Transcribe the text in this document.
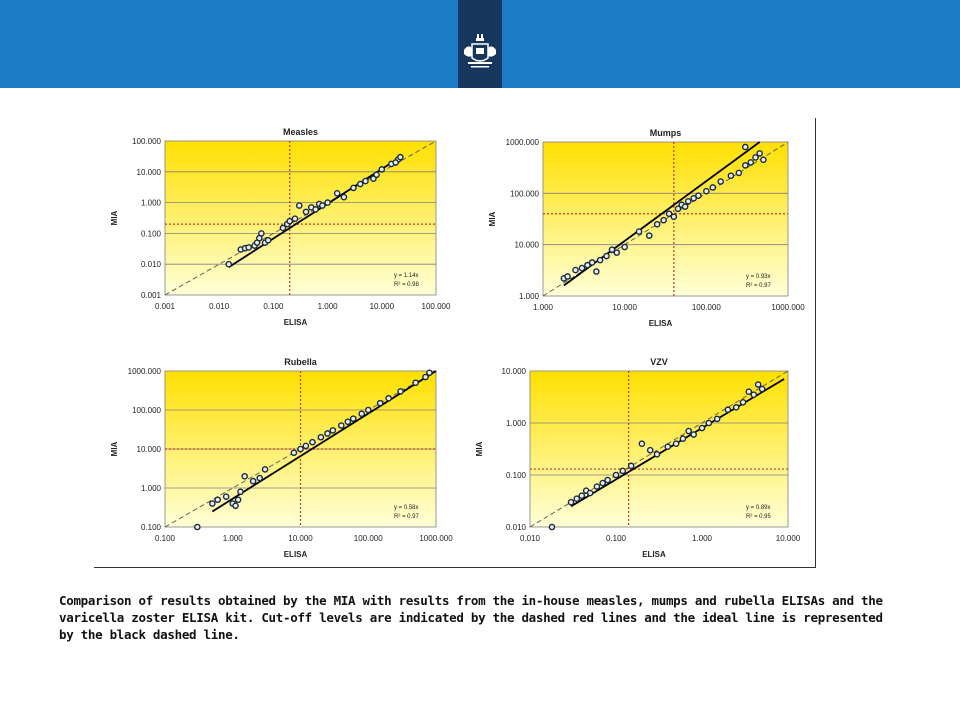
0.001
0.010
0.100
1.000
10.000
100.000
0.001	0.010	0.100	1.000	10.000	100.000
Measles
ELISA
MIA
y = 1.14x
R² = 0.98
1.000
10.000
100.000
1000.000
1.000	10.000	100.000	1000.000
Mumps
ELISA
MIA
y = 0.93x
R² = 0.97
0.100
1.000
10.000
100.000
1000.000
0.100	1.000	10.000	100.000	1000.000
Rubella
ELISA
MIA
y = 0.58x
R² = 0.97
0.010
0.100
1.000
10.000
0.010	0.100	1.000	10.000
VZV
ELISA
MIA
y = 0.89x
R² = 0.95
Comparison of results obtained by the MIA with results from the in-house measles, mumps and rubella ELISAs and the varicella zoster ELISA kit. Cut-off levels are indicated by the dashed red lines and the ideal line is represented by the black dashed line.
14
WHO june 2016 | sero-surveys
